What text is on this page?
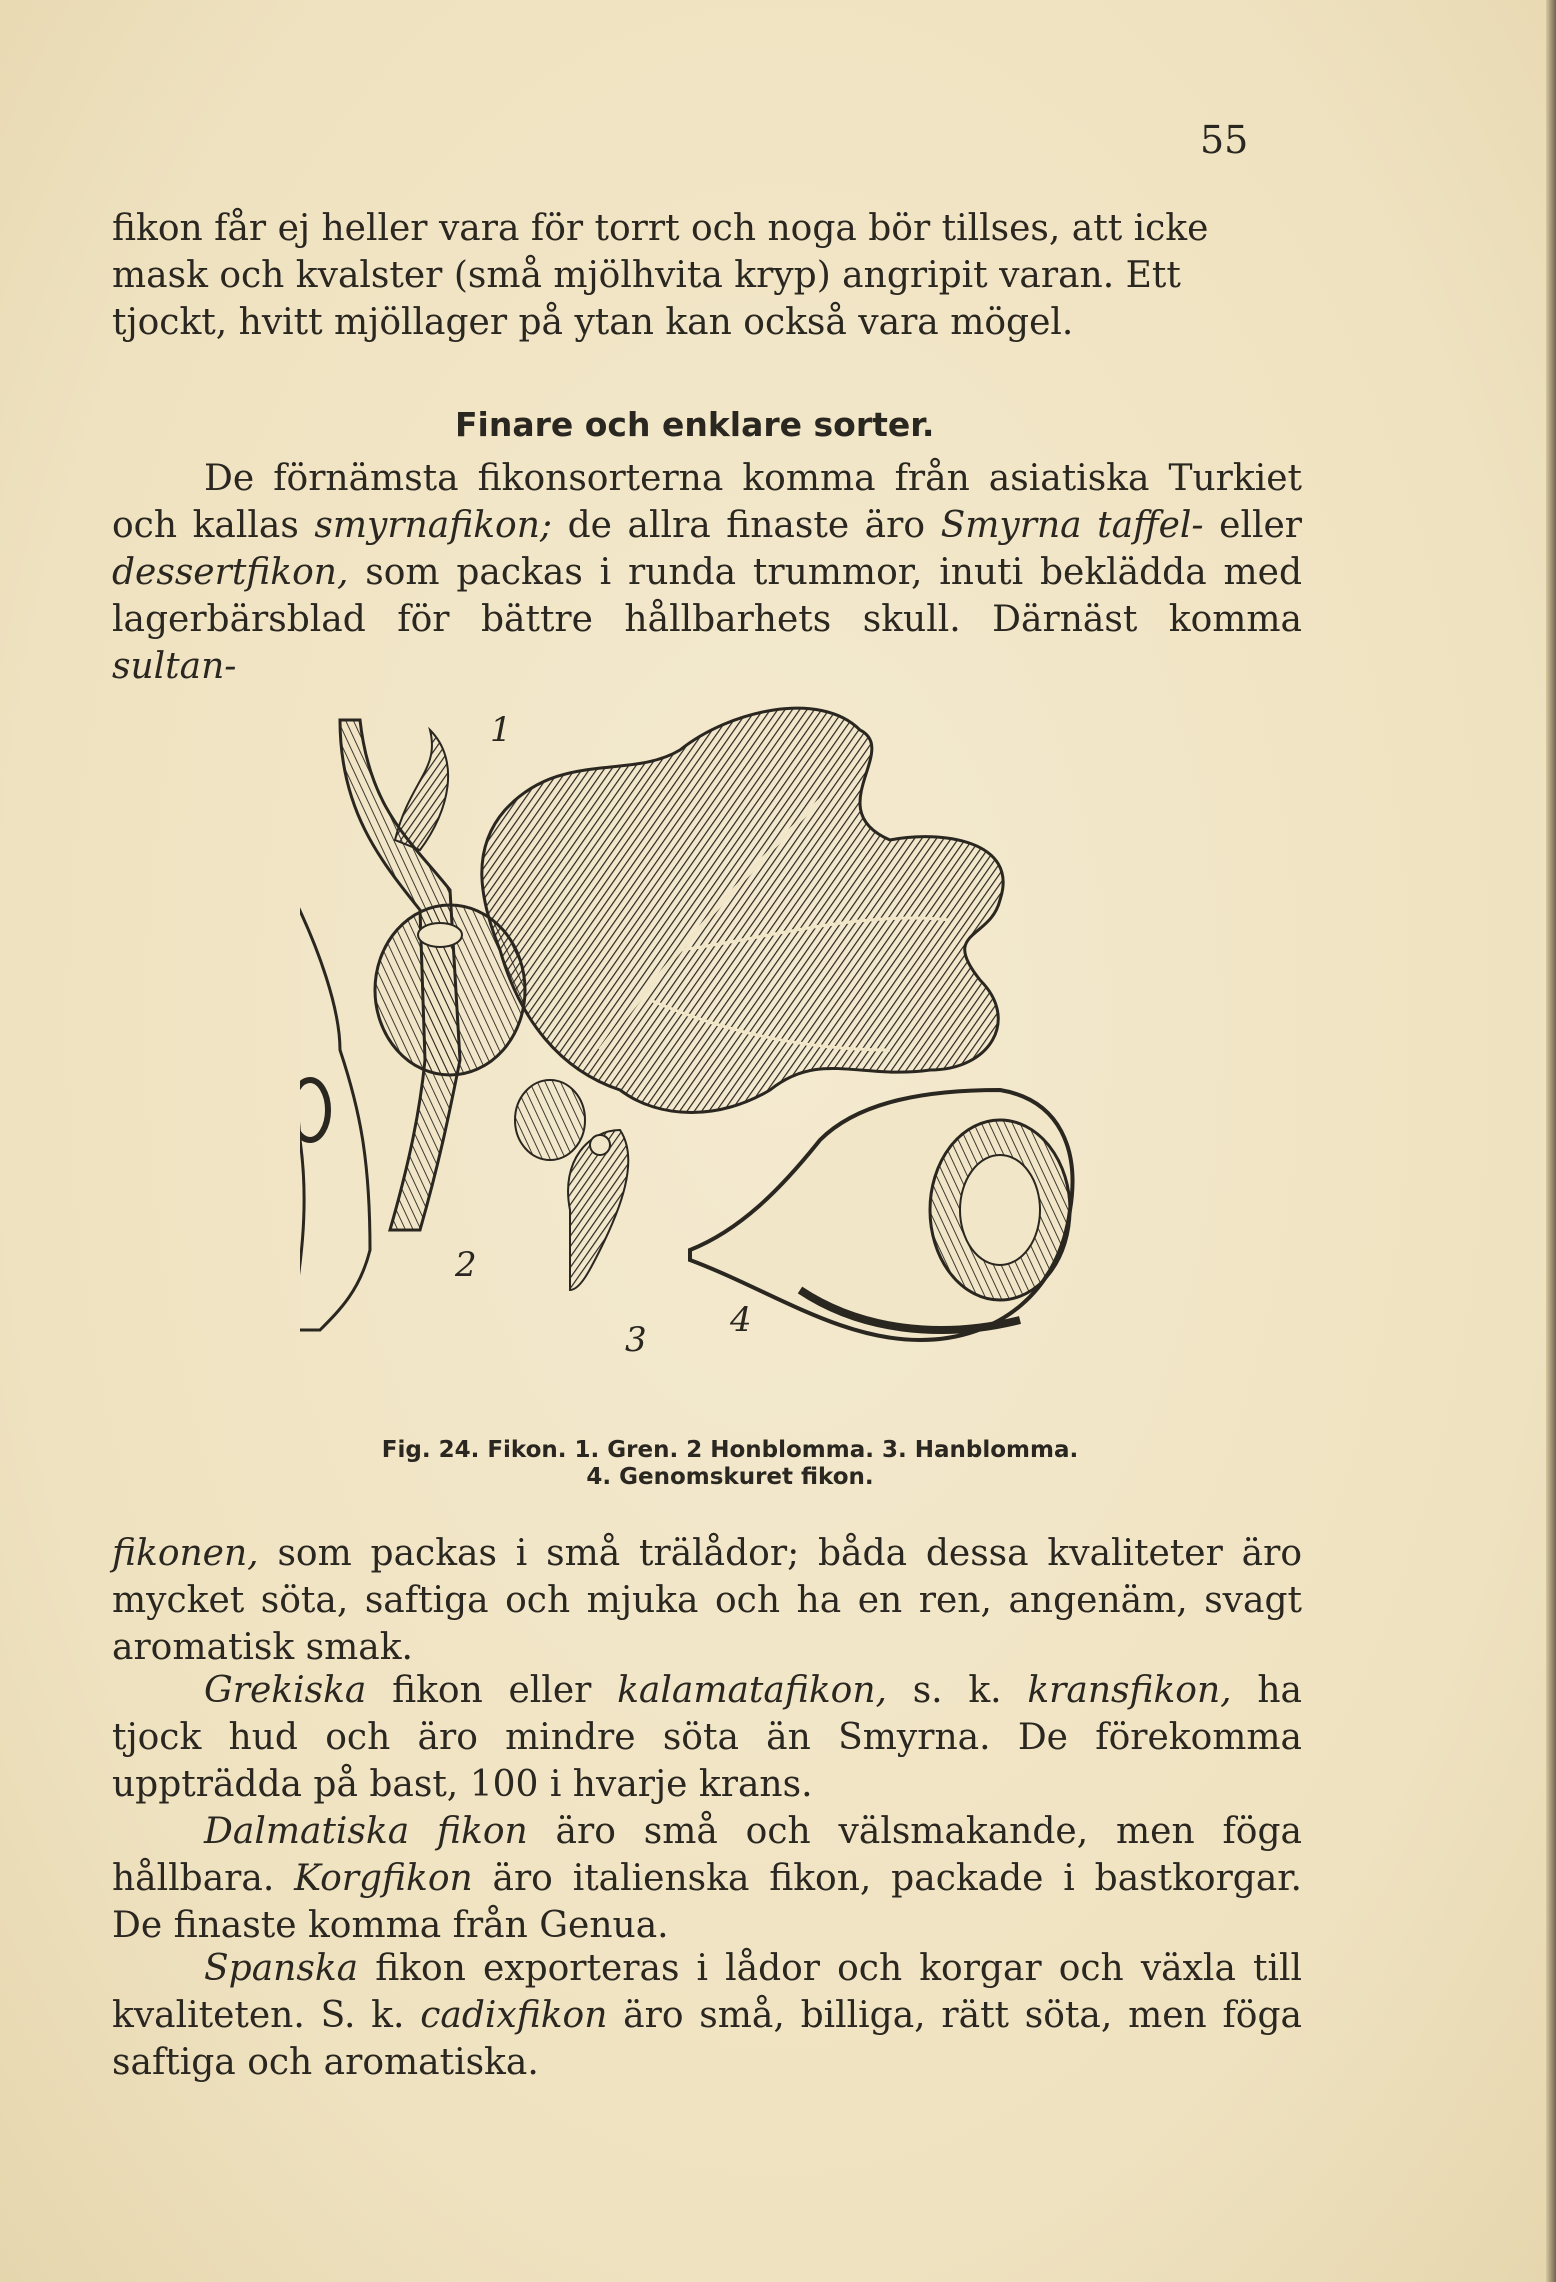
55
fikon får ej heller vara för torrt och noga bör tillses, att icke
mask och kvalster (små mjölhvita kryp) angripit varan. Ett
tjockt, hvitt mjöllager på ytan kan också vara mögel.
Finare och enklare sorter.
De förnämsta fikonsorterna komma från asiatiska Turkiet och kallas smyrnafikon; de allra finaste äro Smyrna taffel- eller dessertfikon, som packas i runda trummor, inuti beklädda med lagerbärsblad för bättre hållbarhets skull. Därnäst komma sultan-
1
2
3 4
Fig. 24. Fikon. 1. Gren. 2 Honblomma. 3. Hanblomma.
4. Genomskuret fikon.
fikonen, som packas i små trälådor; båda dessa kvaliteter äro mycket söta, saftiga och mjuka och ha en ren, angenäm, svagt aromatisk smak.
Grekiska fikon eller kalamatafikon, s. k. kransfikon, ha tjock hud och äro mindre söta än Smyrna. De förekomma uppträdda på bast, 100 i hvarje krans.
Dalmatiska fikon äro små och välsmakande, men föga hållbara. Korgfikon äro italienska fikon, packade i bastkorgar. De finaste komma från Genua.
Spanska fikon exporteras i lådor och korgar och växla till kvaliteten. S. k. cadixfikon äro små, billiga, rätt söta, men föga saftiga och aromatiska.
